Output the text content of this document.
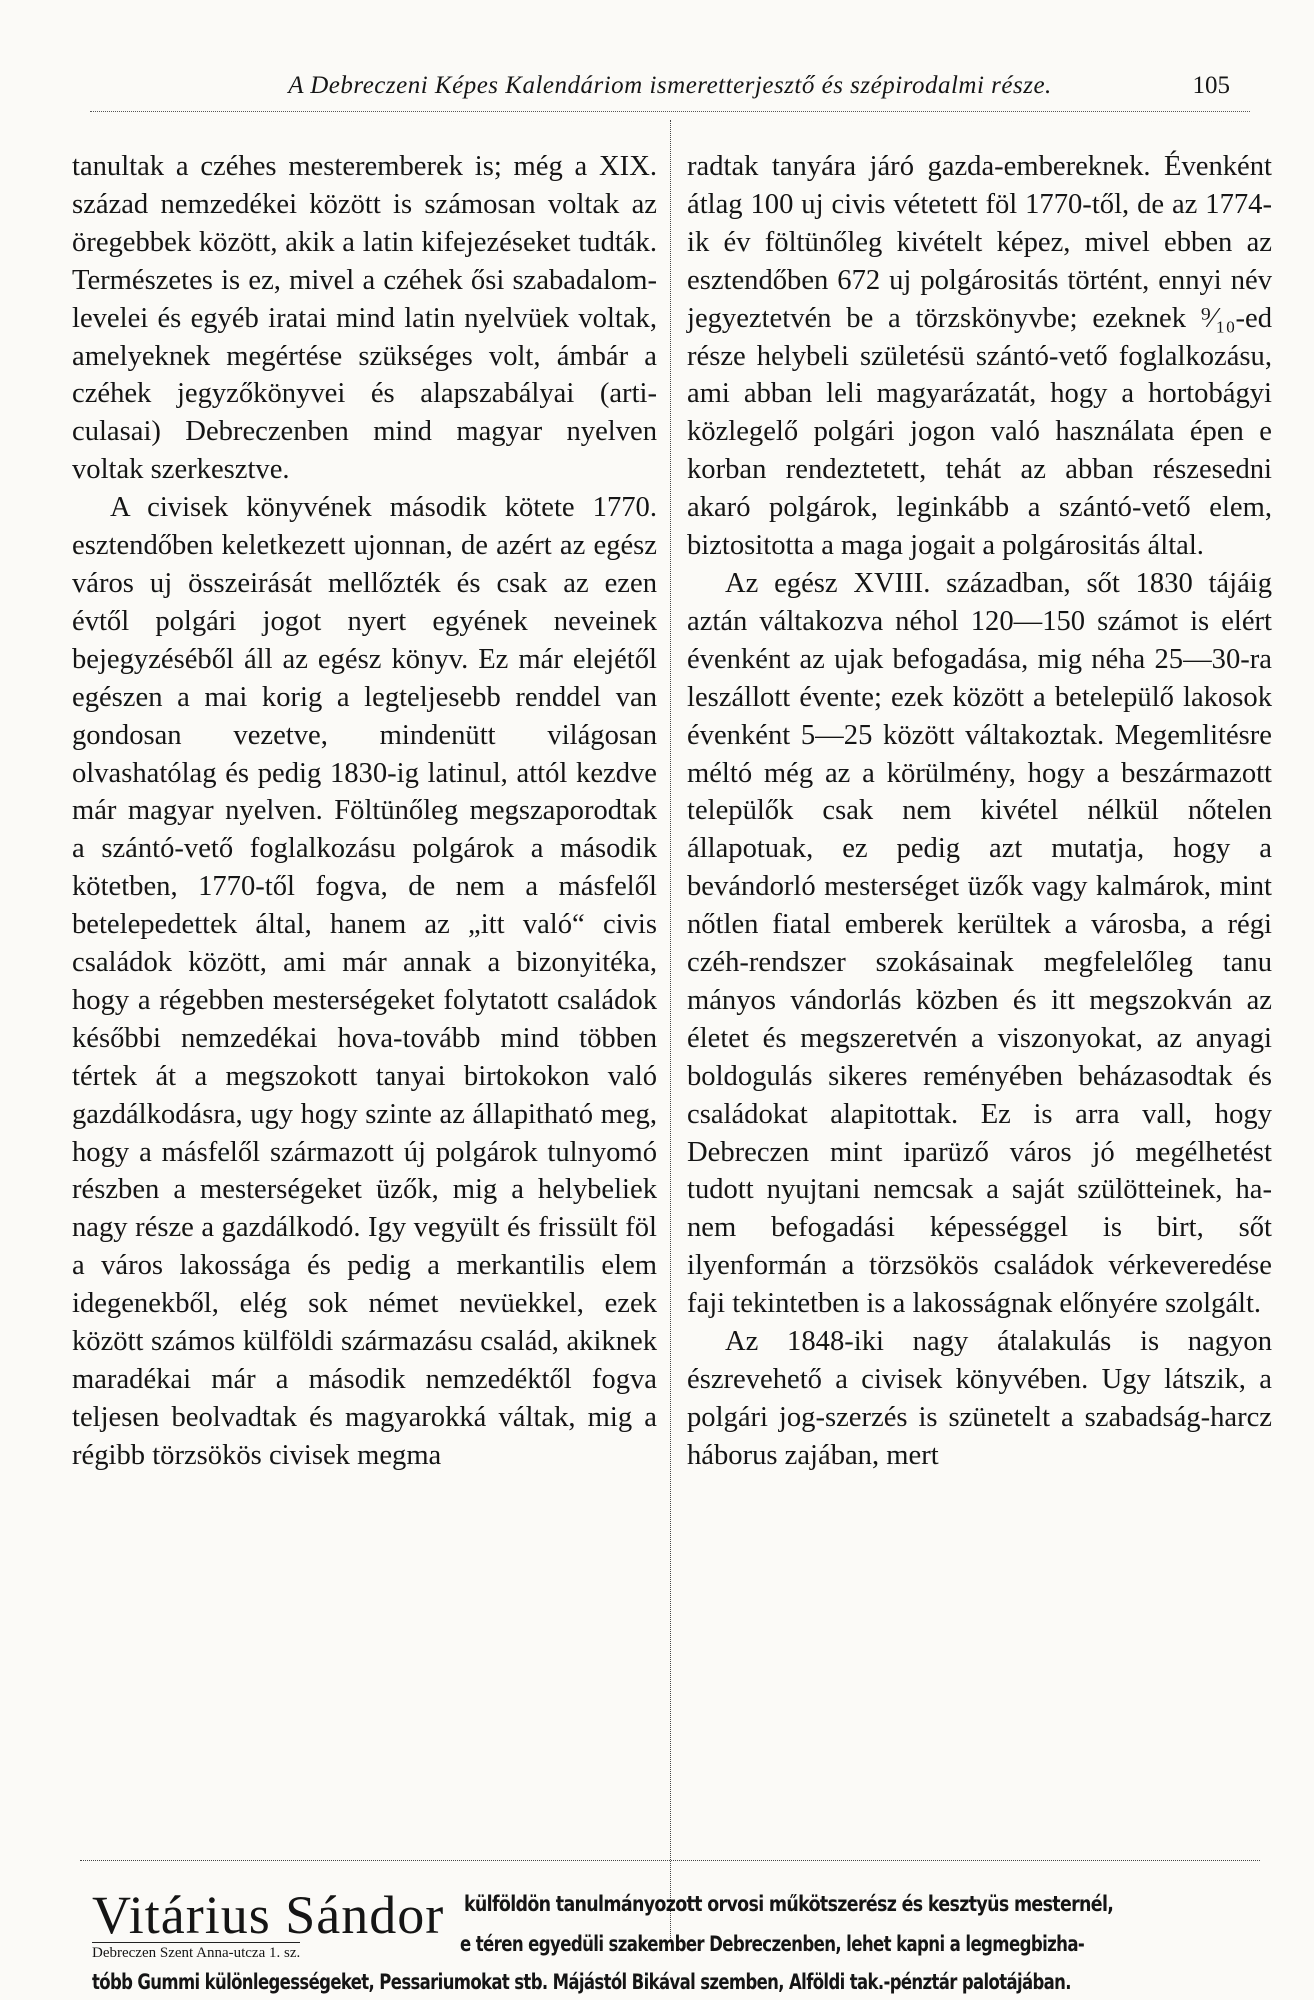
A Debreczeni Képes Kalendáriom ismeretterjesztő és szépirodalmi része.	105

tanultak a czéhes mesteremberek is; még a XIX. század nemzedékei között is számosan voltak az öregebbek között, akik a latin kifejezéseket tudták. Természetes is ez, mivel a czéhek ősi szabadalom-levelei és egyéb iratai mind latin nyelvüek voltak, amelyeknek megértése szükséges volt, ámbár a czéhek jegyzőkönyvei és alapszabályai (articulasai) Debreczenben mind magyar nyelven voltak szerkesztve.

A civisek könyvének második kötete 1770. esztendőben keletkezett ujonnan, de azért az egész város uj összeirását mellőzték és csak az ezen évtől polgári jogot nyert egyének neveinek bejegyzéséből áll az egész könyv. Ez már elejétől egészen a mai korig a legteljesebb renddel van gondosan vezetve, mindenütt világosan olvashatólag és pedig 1830-ig latinul, attól kezdve már magyar nyelven. Föltünőleg megszaporodtak a szántó-vető foglalkozásu polgárok a második kötetben, 1770-től fogva, de nem a másfelől betelepedettek által, hanem az „itt való“ civis családok között, ami már annak a bizonyitéka, hogy a régebben mesterségeket folytatott családok későbbi nemzedékai hova-tovább mind többen tértek át a megszokott tanyai birtokokon való gazdálkodásra, ugy hogy szinte az állapitható meg, hogy a másfelől származott új polgárok tulnyomó részben a mesterségeket üzők, mig a helybeliek nagy része a gazdálkodó. Igy vegyült és frissült föl a város lakossága és pedig a merkantilis elem idegenekből, elég sok német nevüekkel, ezek között számos külföldi származásu család, akiknek maradékai már a második nemzedéktől fogva teljesen beolvadtak és magyarokká váltak, mig a régibb törzsökös civisek megma

radtak tanyára járó gazda-embereknek. Évenként átlag 100 uj civis vétetett föl 1770-től, de az 1774-ik év föltünőleg kivételt képez, mivel ebben az esztendőben 672 uj polgárositás történt, ennyi név jegyeztetvén be a törzskönyvbe; ezeknek ⁹⁄₁₀-ed része helybeli születésü szántó-vető foglalkozásu, ami abban leli magyarázatát, hogy a hortobágyi közlegelő polgári jogon való használata épen e korban rendeztetett, tehát az abban részesedni akaró polgárok, leginkább a szántó-vető elem, biztositotta a maga jogait a polgárositás által.

Az egész XVIII. században, sőt 1830 tájáig aztán váltakozva néhol 120—150 számot is elért évenként az ujak befogadása, mig néha 25—30-ra leszállott évente; ezek között a betelepülő lakosok évenként 5—25 között váltakoztak. Megemlitésre méltó még az a körülmény, hogy a beszármazott települők csak nem kivétel nélkül nőtelen állapotuak, ez pedig azt mutatja, hogy a bevándorló mesterséget üzők vagy kalmárok, mint nőtlen fiatal emberek kerültek a városba, a régi czéh-rendszer szokásainak megfelelőleg tanu mányos vándorlás közben és itt megszokván az életet és megszeretvén a viszonyokat, az anyagi boldogulás sikeres reményében beházasodtak és családokat alapitottak. Ez is arra vall, hogy Debreczen mint iparüző város jó megélhetést tudott nyujtani nemcsak a saját szülötteinek, hanem befogadási képességgel is birt, sőt ilyenformán a törzsökös családok vérkeveredése faji tekintetben is a lakosságnak előnyére szolgált.

Az 1848-iki nagy átalakulás is nagyon észrevehető a civisek könyvében. Ugy látszik, a polgári jog-szerzés is szünetelt a szabadság-harcz háborus zajában, mert

Vitárius Sándor
Debreczen Szent Anna-utcza 1. sz.
külföldön tanulmányozott orvosi műkötszerész és kesztyüs mesternél,
e téren egyedüli szakember Debreczenben, lehet kapni a legmegbizha-
tóbb Gummi különlegességeket, Pessariumokat stb. Májástól Bikával szemben, Alföldi tak.-pénztár palotájában.
